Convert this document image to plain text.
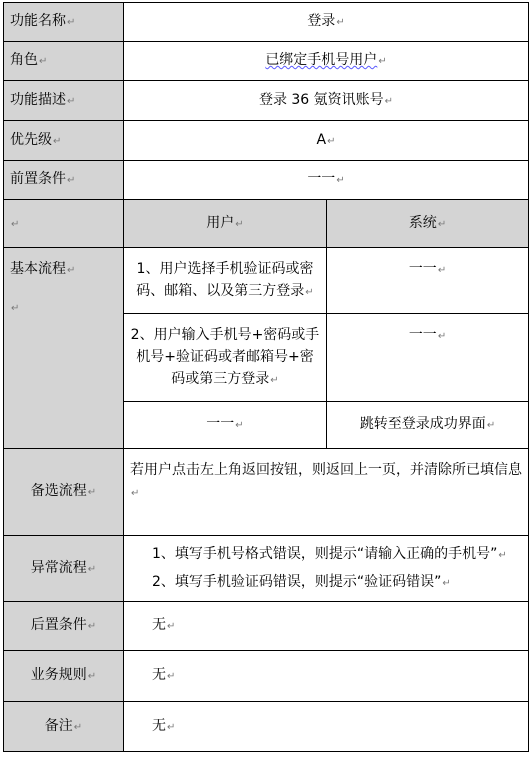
功能名称↵	登录↵	
角色↵	已绑定手机号用户↵	
功能描述↵	登录 36 氪资讯账号↵	
优先级↵	A↵	
前置条件↵	一一↵	
↵	用户↵	系统↵

基本流程↵
↵	1、用户选择手机验证码或密码、邮箱、以及第三方登录↵	一一↵
	2、用户输入手机号+密码或手机号+验证码或者邮箱号+密码或第三方登录↵	一一↵
	一一↵	跳转至登录成功界面↵
备选流程↵	若用户点击左上角返回按钮，则返回上一页，并清除所已填信息 ↵	
异常流程↵	1、填写手机号格式错误，则提示“请输入正确的手机号”↵
2、填写手机验证码错误，则提示“验证码错误”↵	

后置条件↵	无↵	
业务规则↵	无↵	
备注↵	无↵	
